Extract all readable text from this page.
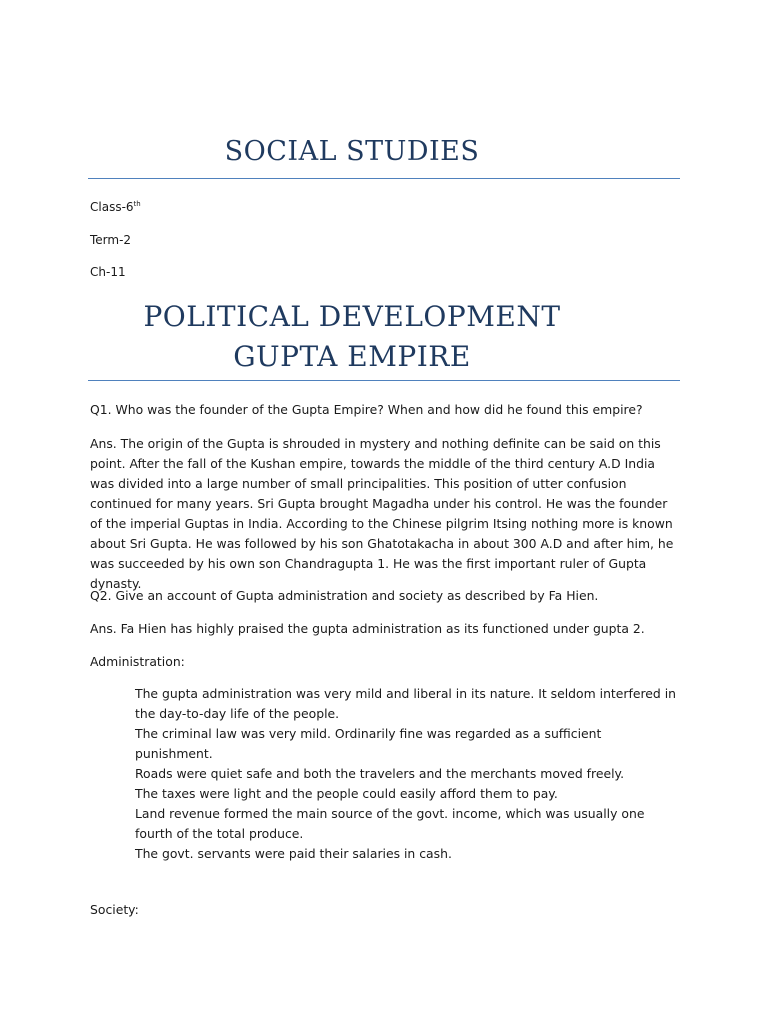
SOCIAL STUDIES
Class-6th
Term-2
Ch-11
POLITICAL DEVELOPMENT
GUPTA EMPIRE

Q1. Who was the founder of the Gupta Empire? When and how did he found this empire?

Ans. The origin of the Gupta is shrouded in mystery and nothing definite can be said on this point. After the fall of the Kushan empire, towards the middle of the third century A.D India was divided into a large number of small principalities. This position of utter confusion continued for many years. Sri Gupta brought Magadha under his control. He was the founder of the imperial Guptas in India. According to the Chinese pilgrim Itsing nothing more is known about Sri Gupta. He was followed by his son Ghatotakacha in about 300 A.D and after him, he was succeeded by his own son Chandragupta 1. He was the first important ruler of Gupta dynasty.

Q2. Give an account of Gupta administration and society as described by Fa Hien.

Ans. Fa Hien has highly praised the gupta administration as its functioned under gupta 2.

Administration:

The gupta administration was very mild and liberal in its nature. It seldom interfered in the day-to-day life of the people.
The criminal law was very mild. Ordinarily fine was regarded as a sufficient punishment.
Roads were quiet safe and both the travelers and the merchants moved freely.
The taxes were light and the people could easily afford them to pay.
Land revenue formed the main source of the govt. income, which was usually one fourth of the total produce.
The govt. servants were paid their salaries in cash.

Society:
